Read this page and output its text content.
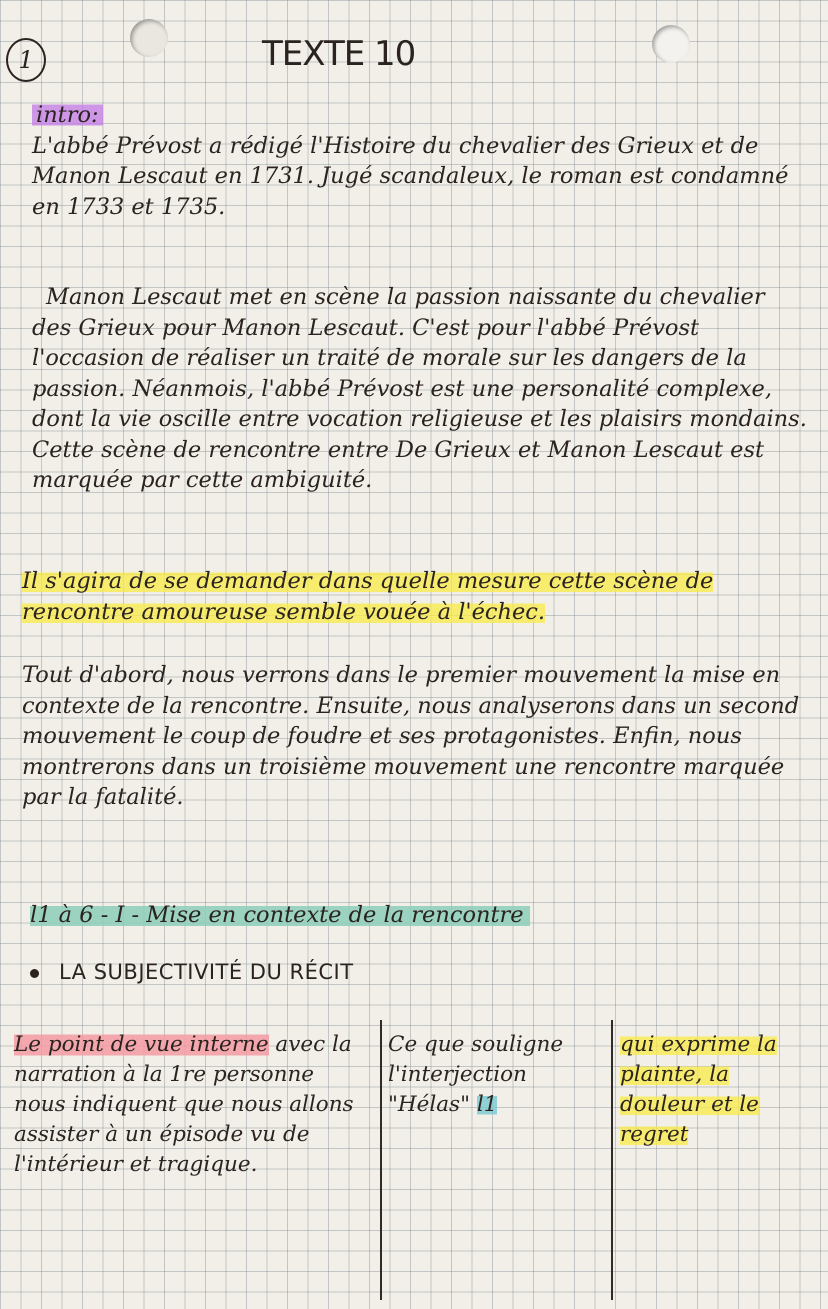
1	TEXTE 10

intro:
L'abbé Prévost a rédigé l'Histoire du chevalier des Grieux et de Manon Lescaut en 1731. Jugé scandaleux, le roman est condamné en 1733 et 1735.

Manon Lescaut met en scène la passion naissante du chevalier des Grieux pour Manon Lescaut. C'est pour l'abbé Prévost l'occasion de réaliser un traité de morale sur les dangers de la passion. Néanmois, l'abbé Prévost est une personalité complexe, dont la vie oscille entre vocation religieuse et les plaisirs mondains. Cette scène de rencontre entre De Grieux et Manon Lescaut est marquée par cette ambiguité.

Il s'agira de se demander dans quelle mesure cette scène de rencontre amoureuse semble vouée à l'échec.

Tout d'abord, nous verrons dans le premier mouvement la mise en contexte de la rencontre. Ensuite, nous analyserons dans un second mouvement le coup de foudre et ses protagonistes. Enfin, nous montrerons dans un troisième mouvement une rencontre marquée par la fatalité.

l1 à 6 - I - Mise en contexte de la rencontre

LA SUBJECTIVITÉ DU RÉCIT

Le point de vue interne avec la narration à la 1re personne nous indiquent que nous allons assister à un épisode vu de l'intérieur et tragique.

Ce que souligne l'interjection "Hélas" l1

qui exprime la plainte, la douleur et le regret
